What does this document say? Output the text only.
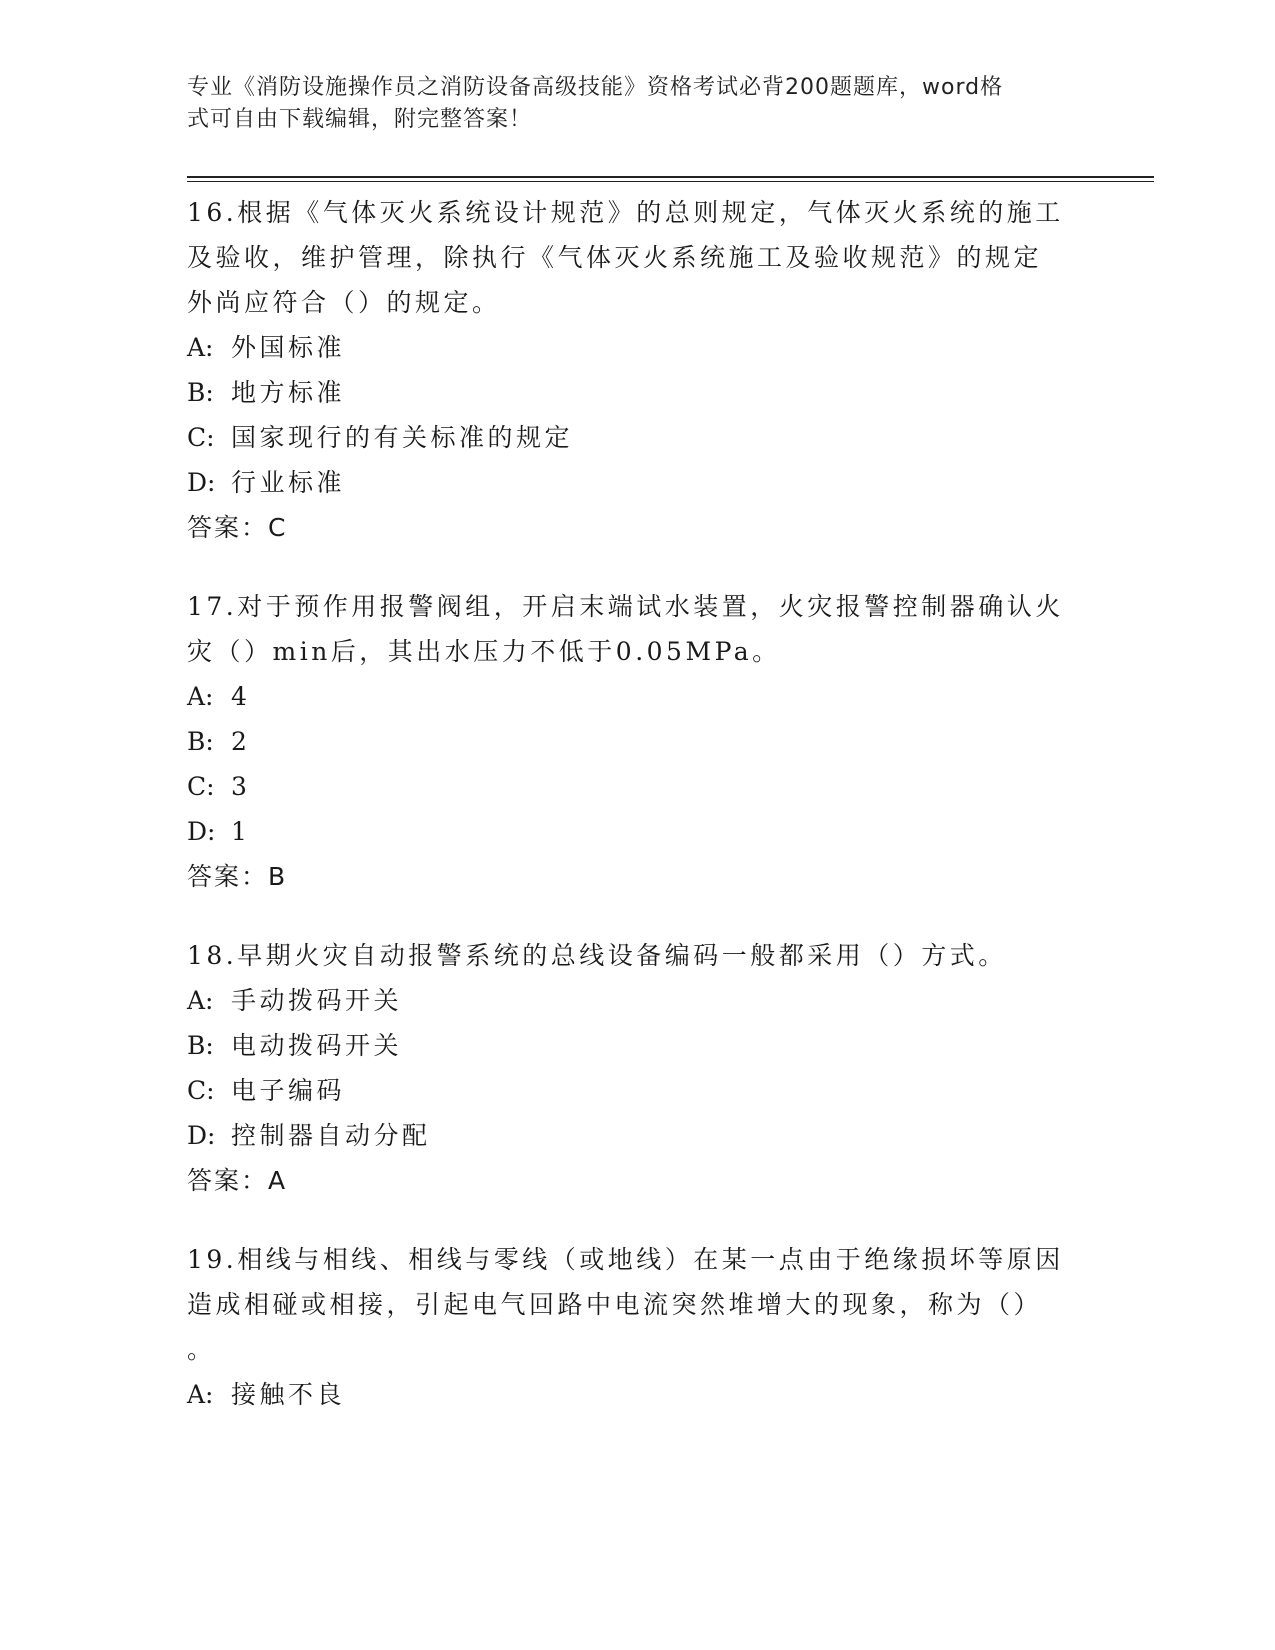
专业《消防设施操作员之消防设备高级技能》资格考试必背200题题库，word格
式可自由下载编辑，附完整答案！
16.根据《气体灭火系统设计规范》的总则规定，气体灭火系统的施工
及验收，维护管理，除执行《气体灭火系统施工及验收规范》的规定
外尚应符合（）的规定。
A: 外国标准
B: 地方标准
C: 国家现行的有关标准的规定
D: 行业标准
答案：C
17.对于预作用报警阀组，开启末端试水装置，火灾报警控制器确认火
灾（）min后，其出水压力不低于0.05MPa。
A: 4
B: 2
C: 3
D: 1
答案：B
18.早期火灾自动报警系统的总线设备编码一般都采用（）方式。
A: 手动拨码开关
B: 电动拨码开关
C: 电子编码
D: 控制器自动分配
答案：A
19.相线与相线、相线与零线（或地线）在某一点由于绝缘损坏等原因
造成相碰或相接，引起电气回路中电流突然堆增大的现象，称为（）
。
A: 接触不良
